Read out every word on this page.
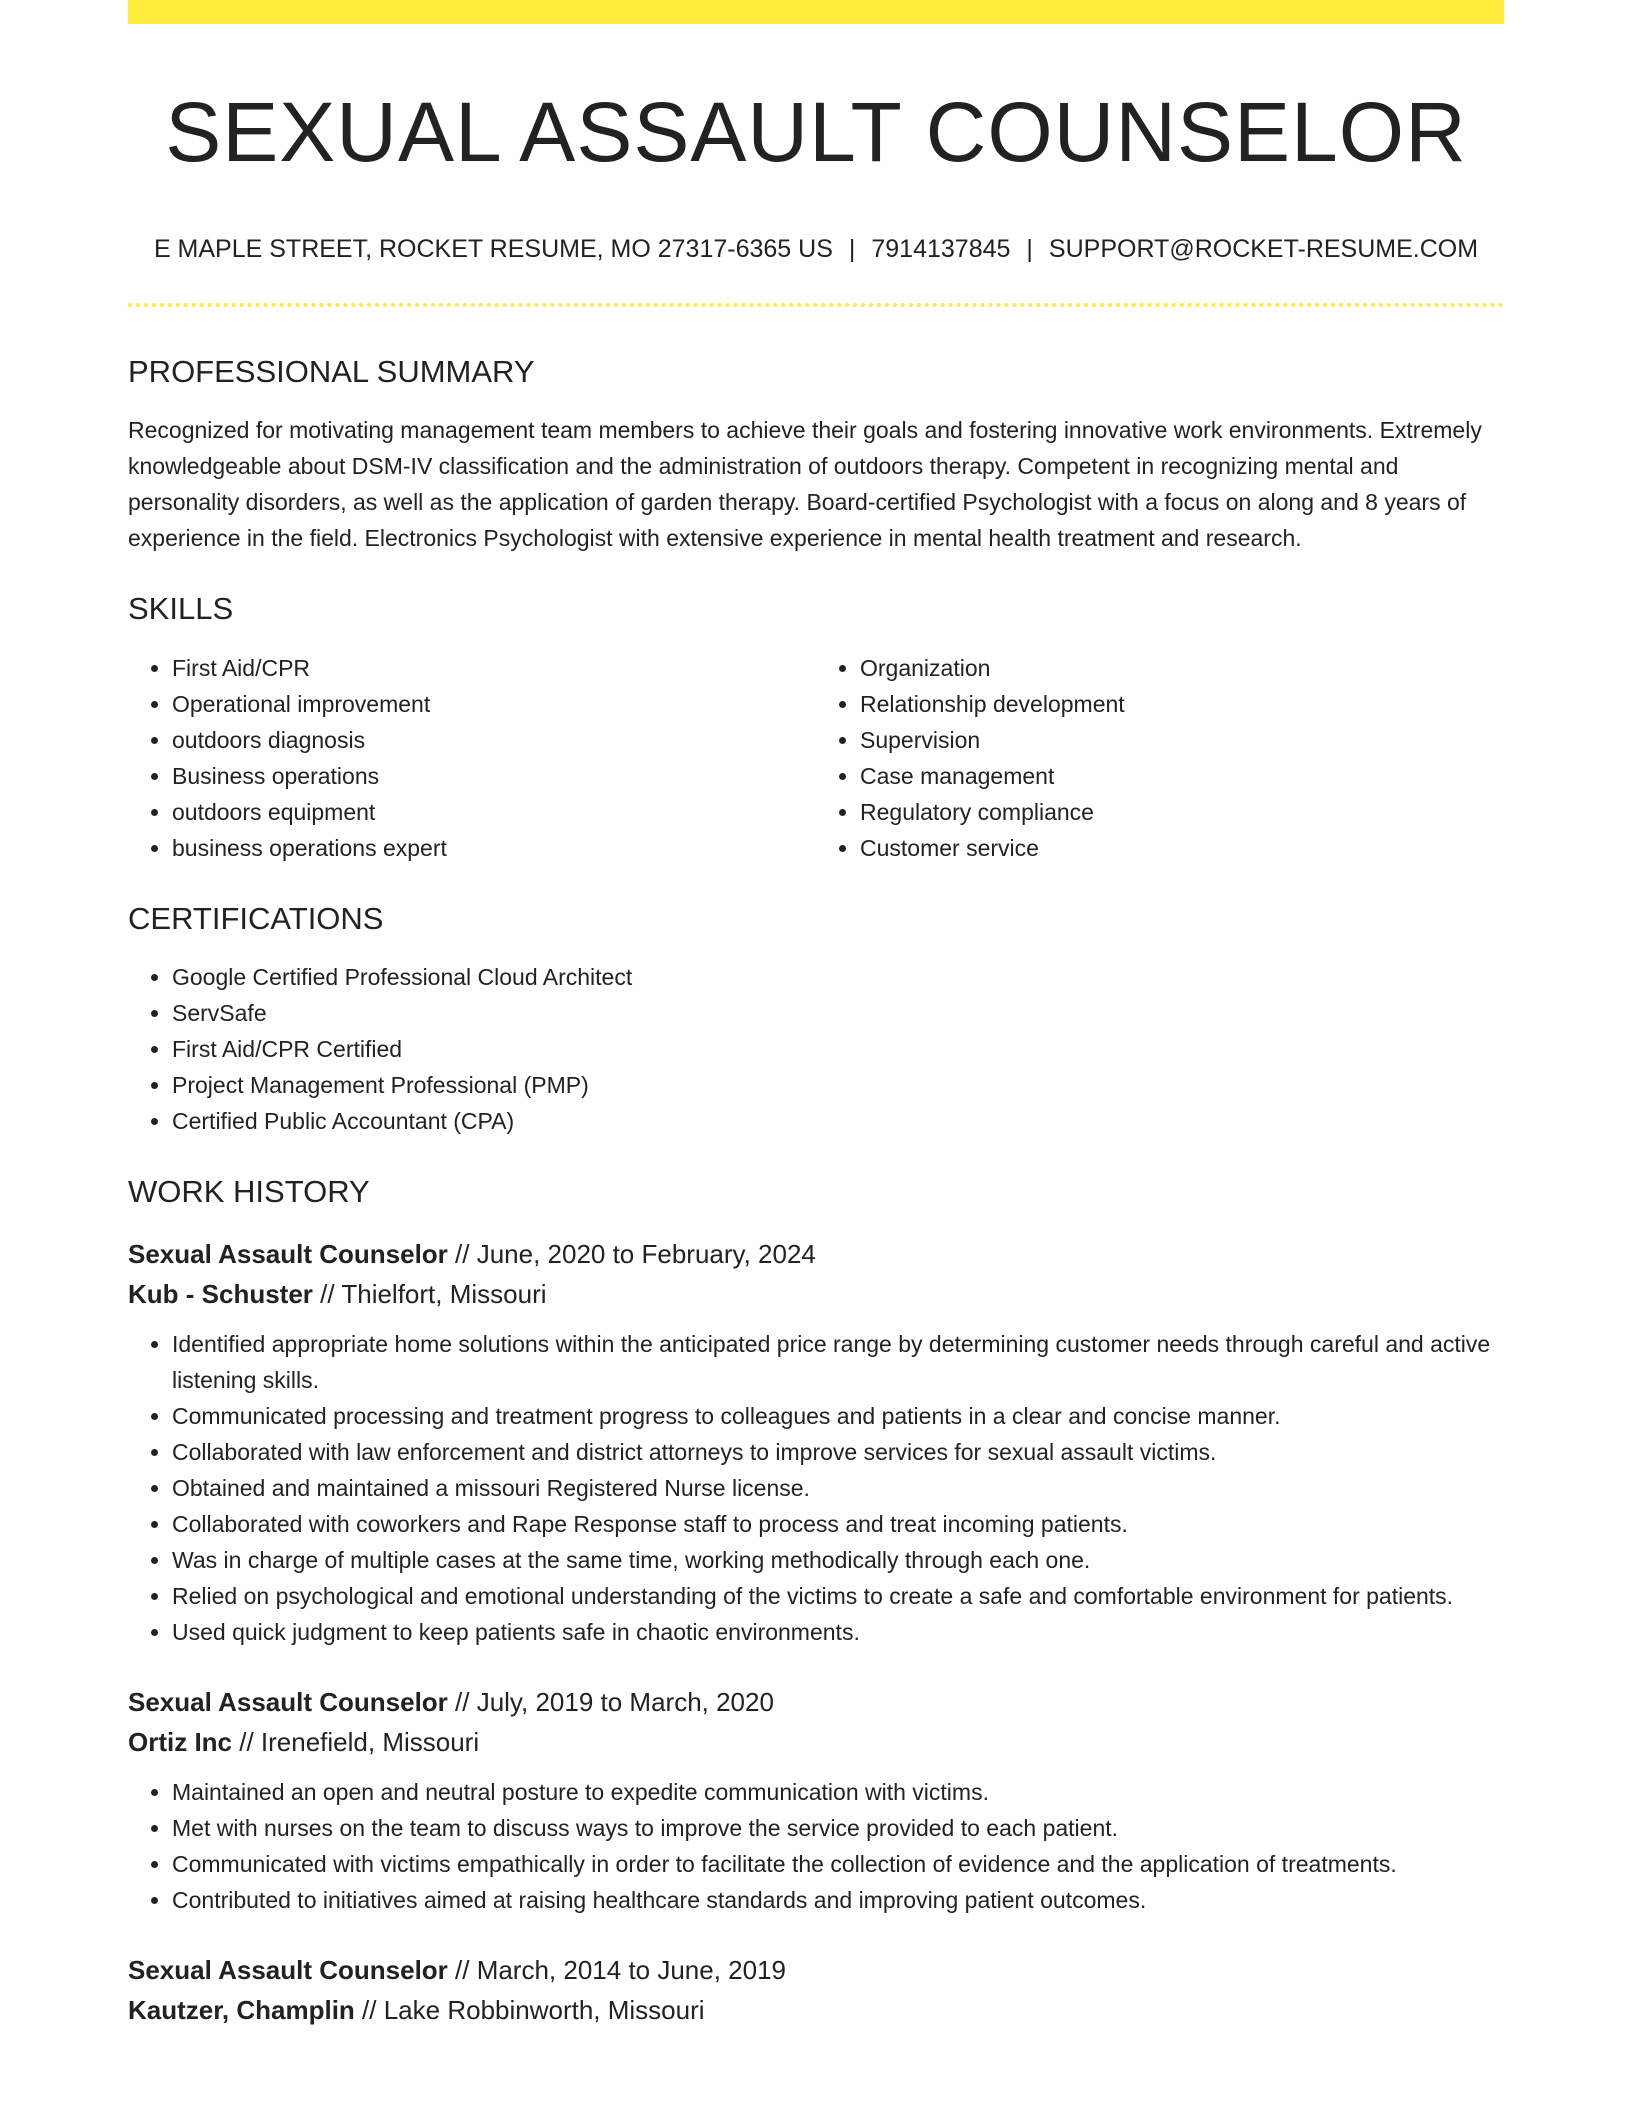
SEXUAL ASSAULT COUNSELOR
E MAPLE STREET, ROCKET RESUME, MO 27317-6365 US | 7914137845 | SUPPORT@ROCKET-RESUME.COM
PROFESSIONAL SUMMARY
Recognized for motivating management team members to achieve their goals and fostering innovative work environments. Extremely knowledgeable about DSM-IV classification and the administration of outdoors therapy. Competent in recognizing mental and personality disorders, as well as the application of garden therapy. Board-certified Psychologist with a focus on along and 8 years of experience in the field. Electronics Psychologist with extensive experience in mental health treatment and research.
SKILLS
• First Aid/CPR
• Operational improvement
• outdoors diagnosis
• Business operations
• outdoors equipment
• business operations expert
• Organization
• Relationship development
• Supervision
• Case management
• Regulatory compliance
• Customer service
CERTIFICATIONS
• Google Certified Professional Cloud Architect
• ServSafe
• First Aid/CPR Certified
• Project Management Professional (PMP)
• Certified Public Accountant (CPA)
WORK HISTORY
Sexual Assault Counselor // June, 2020 to February, 2024
Kub - Schuster // Thielfort, Missouri
• Identified appropriate home solutions within the anticipated price range by determining customer needs through careful and active listening skills.
• Communicated processing and treatment progress to colleagues and patients in a clear and concise manner.
• Collaborated with law enforcement and district attorneys to improve services for sexual assault victims.
• Obtained and maintained a missouri Registered Nurse license.
• Collaborated with coworkers and Rape Response staff to process and treat incoming patients.
• Was in charge of multiple cases at the same time, working methodically through each one.
• Relied on psychological and emotional understanding of the victims to create a safe and comfortable environment for patients.
• Used quick judgment to keep patients safe in chaotic environments.
Sexual Assault Counselor // July, 2019 to March, 2020
Ortiz Inc // Irenefield, Missouri
• Maintained an open and neutral posture to expedite communication with victims.
• Met with nurses on the team to discuss ways to improve the service provided to each patient.
• Communicated with victims empathically in order to facilitate the collection of evidence and the application of treatments.
• Contributed to initiatives aimed at raising healthcare standards and improving patient outcomes.
Sexual Assault Counselor // March, 2014 to June, 2019
Kautzer, Champlin // Lake Robbinworth, Missouri
